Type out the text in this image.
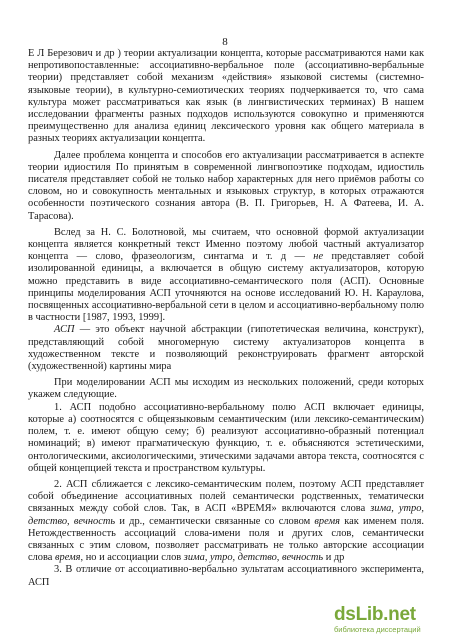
8

Е Л Березович и др ) теории актуализации концепта, которые рассматриваются нами как непротивопоставленные: ассоциативно-вербальное поле (ассоциативно-вербальные теории) представляет собой механизм «действия» языковой системы (системно-языковые теории), в культурно-семиотических теориях подчеркивается то, что сама культура может рассматриваться как язык (в лингвистических терминах) В нашем исследовании фрагменты разных подходов используются совокупно и применяются преимущественно для анализа единиц лексического уровня как общего материала в разных теориях актуализации концепта.

Далее проблема концепта и способов его актуализации рассматривается в аспекте теории идиостиля По принятым в современной лингвопоэтике подходам, идиостиль писателя представляет собой не только набор характерных для него приёмов работы со словом, но и совокупность ментальных и языковых структур, в которых отражаются особенности поэтического сознания автора (В. П. Григорьев, Н. А Фатеева, И. А. Тарасова).

Вслед за Н. С. Болотновой, мы считаем, что основной формой актуализации концепта является конкретный текст Именно поэтому любой частный актуализатор концепта — слово, фразеологизм, синтагма и т. д — не представляет собой изолированной единицы, а включается в общую систему актуализаторов, которую можно представить в виде ассоциативно-семантического поля (АСП). Основные принципы моделирования АСП уточняются на основе исследований Ю. Н. Караулова, посвященных ассоциативно-вербальной сети в целом и ассоциативно-вербальному полю в частности [1987, 1993, 1999].

АСП — это объект научной абстракции (гипотетическая величина, конструкт), представляющий собой многомерную систему актуализаторов концепта в художественном тексте и позволяющий реконструировать фрагмент авторской (художественной) картины мира

При моделировании АСП мы исходим из нескольких положений, среди которых укажем следующие.

1. АСП подобно ассоциативно-вербальному полю АСП включает единицы, которые а) соотносятся с общеязыковым семантическим (или лексико-семантическим) полем, т. е. имеют общую сему; б) реализуют ассоциативно-образный потенциал номинаций; в) имеют прагматическую функцию, т. е. объясняются эстетическими, онтологическими, аксиологическими, этическими задачами автора текста, соотносятся с общей концепцией текста и пространством культуры.

2. АСП сближается с лексико-семантическим полем, поэтому АСП представляет собой объединение ассоциативных полей семантически родственных, тематически связанных между собой слов. Так, в АСП «ВРЕМЯ» включаются слова зима, утро, детство, вечность и др., семантически связанные со словом время как именем поля. Нетождественность ассоциаций слова-имени поля и других слов, семантически связанных с этим словом, позволяет рассматривать не только авторские ассоциации слова время, но и ассоциации слов зима, утро, детство, вечность и др

3. В отличие от ассоциативно-вербально зультатам ассоциативного эксперимента, АСП

dsLib.net
библиотека диссертаций
